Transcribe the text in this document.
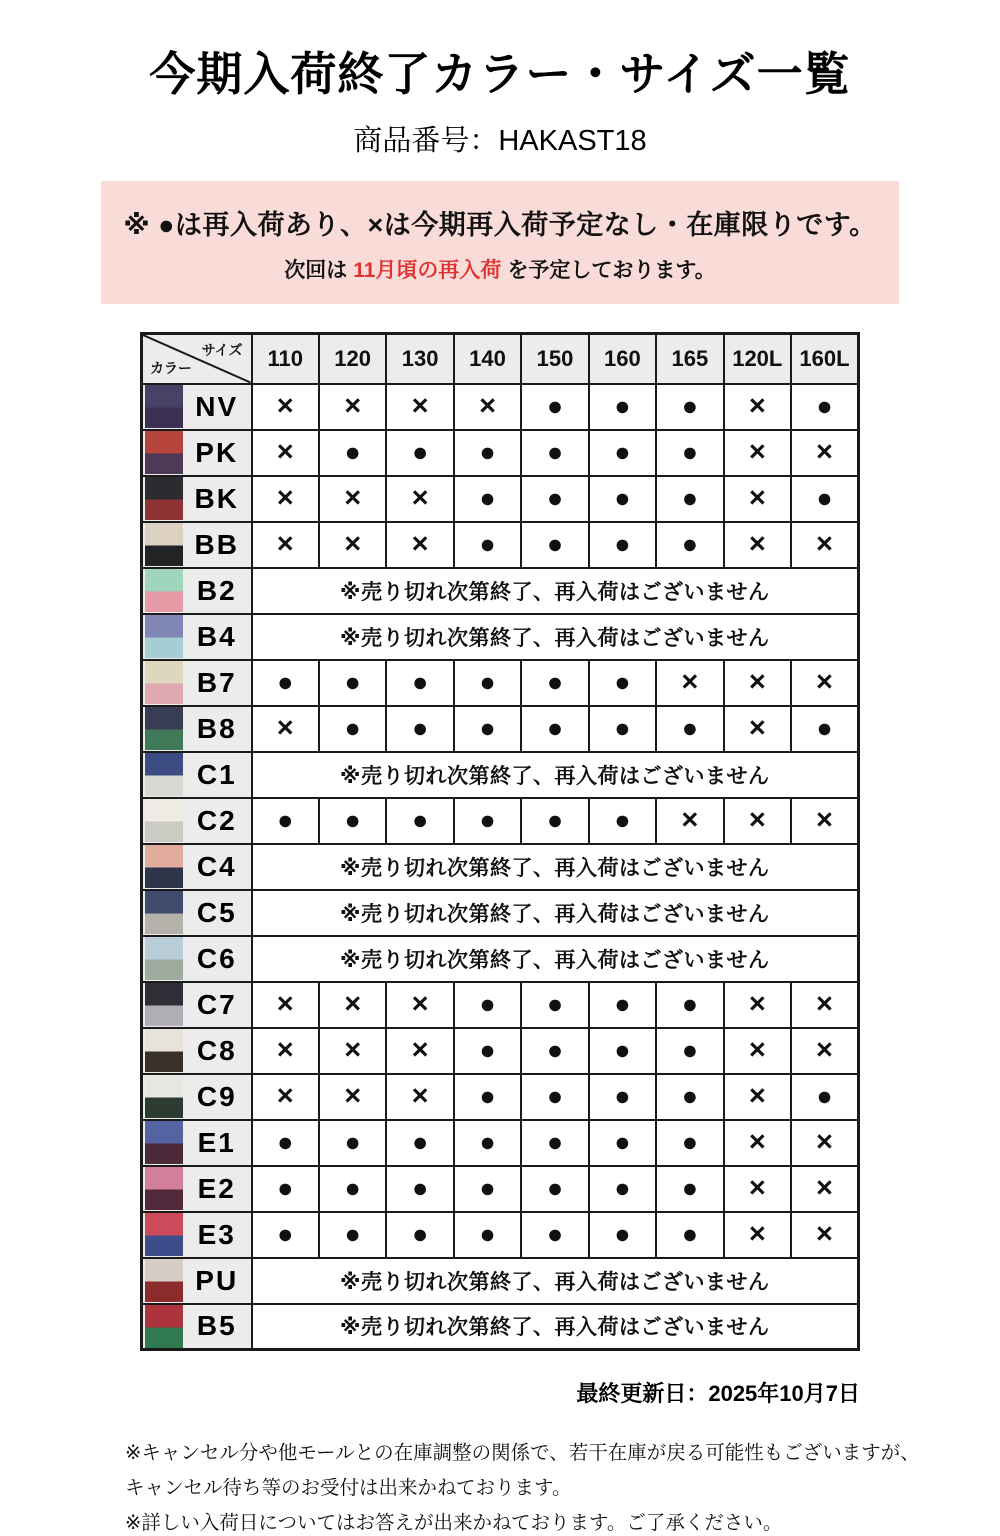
今期入荷終了カラー・サイズ一覧
商品番号：HAKAST18
※ ●は再入荷あり、×は今期再入荷予定なし・在庫限りです。
次回は 11月頃の再入荷 を予定しております。
サイズ
カラー	110	120	130	140	150	160	165	120L	160L

NV	×	×	×	×	●	●	●	×	●

PK	×	●	●	●	●	●	●	×	×

BK	×	×	×	●	●	●	●	×	●

BB	×	×	×	●	●	●	●	×	×

B2	※売り切れ次第終了、再入荷はございません								

B4	※売り切れ次第終了、再入荷はございません								

B7	●	●	●	●	●	●	×	×	×

B8	×	●	●	●	●	●	●	×	●

C1	※売り切れ次第終了、再入荷はございません								

C2	●	●	●	●	●	●	×	×	×

C4	※売り切れ次第終了、再入荷はございません								

C5	※売り切れ次第終了、再入荷はございません								

C6	※売り切れ次第終了、再入荷はございません								

C7	×	×	×	●	●	●	●	×	×

C8	×	×	×	●	●	●	●	×	×

C9	×	×	×	●	●	●	●	×	●

E1	●	●	●	●	●	●	●	×	×

E2	●	●	●	●	●	●	●	×	×

E3	●	●	●	●	●	●	●	×	×

PU	※売り切れ次第終了、再入荷はございません								

B5	※売り切れ次第終了、再入荷はございません								
最終更新日：2025年10月7日
※キャンセル分や他モールとの在庫調整の関係で、若干在庫が戻る可能性もございますが、
キャンセル待ち等のお受付は出来かねております。
※詳しい入荷日についてはお答えが出来かねております。ご了承ください。
